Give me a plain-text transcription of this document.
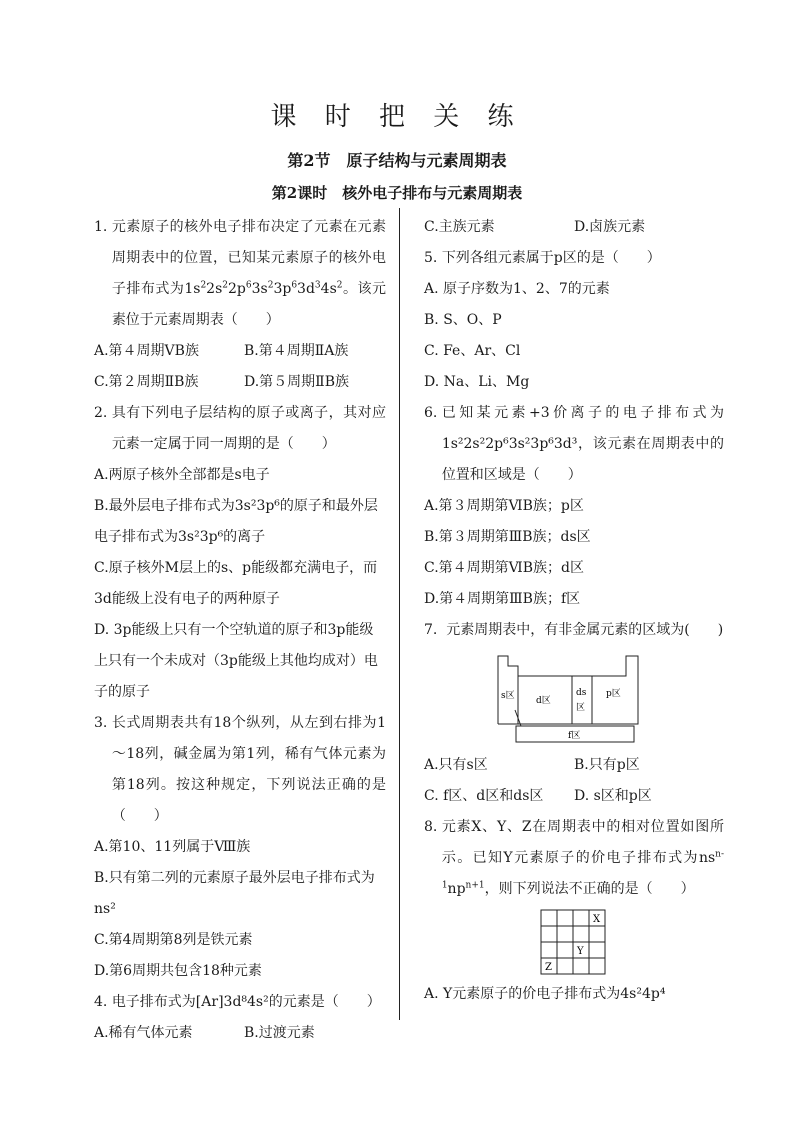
课 时 把 关 练
第2节　原子结构与元素周期表
第2课时　核外电子排布与元素周期表
1. 元素原子的核外电子排布决定了元素在元素周期表中的位置，已知某元素原子的核外电子排布式为$1s^22s^22p^63s^23p^63d^34s^2$。该元素位于元素周期表（　　）
A.第４周期ⅤB族	B.第４周期ⅡA族
C.第２周期ⅡB族	D.第５周期ⅡB族
2. 具有下列电子层结构的原子或离子，其对应元素一定属于同一周期的是（　　）
A.两原子核外全部都是s电子
B.最外层电子排布式为3s²3p⁶的原子和最外层电子排布式为3s²3p⁶的离子
C.原子核外M层上的s、p能级都充满电子，而3d能级上没有电子的两种原子
D. 3p能级上只有一个空轨道的原子和3p能级上只有一个未成对（3p能级上其他均成对）电子的原子
3. 长式周期表共有18个纵列，从左到右排为1～18列，碱金属为第1列，稀有气体元素为第18列。按这种规定，下列说法正确的是（　　）
A.第10、11列属于Ⅷ族
B.只有第二列的元素原子最外层电子排布式为ns²
C.第4周期第8列是铁元素
D.第6周期共包含18种元素
4. 电子排布式为[Ar]3d⁸4s²的元素是（　　）
A.稀有气体元素	B.过渡元素
C.主族元素	D.卤族元素
5. 下列各组元素属于p区的是（　　）
A. 原子序数为1、2、7的元素
B. S、O、P
C. Fe、Ar、Cl
D. Na、Li、Mg
6. 已知某元素+3价离子的电子排布式为1s²2s²2p⁶3s²3p⁶3d³，该元素在周期表中的位置和区域是（　　）
A.第３周期第ⅥB族；p区
B.第３周期第ⅢB族；ds区
C.第４周期第ⅥB族；d区
D.第４周期第ⅢB族；f区
7. 元素周期表中，有非金属元素的区域为(　　)
s区 d区
ds
区
p区
f区
A.只有s区	B.只有p区
C. f区、d区和ds区	D. s区和p区
8. 元素X、Y、Z在周期表中的相对位置如图所示。已知Y元素原子的价电子排布式为$ns^{n-1}np^{n+1}$，则下列说法不正确的是（　　）
X
Y
Z
A. Y元素原子的价电子排布式为4s²4p⁴
